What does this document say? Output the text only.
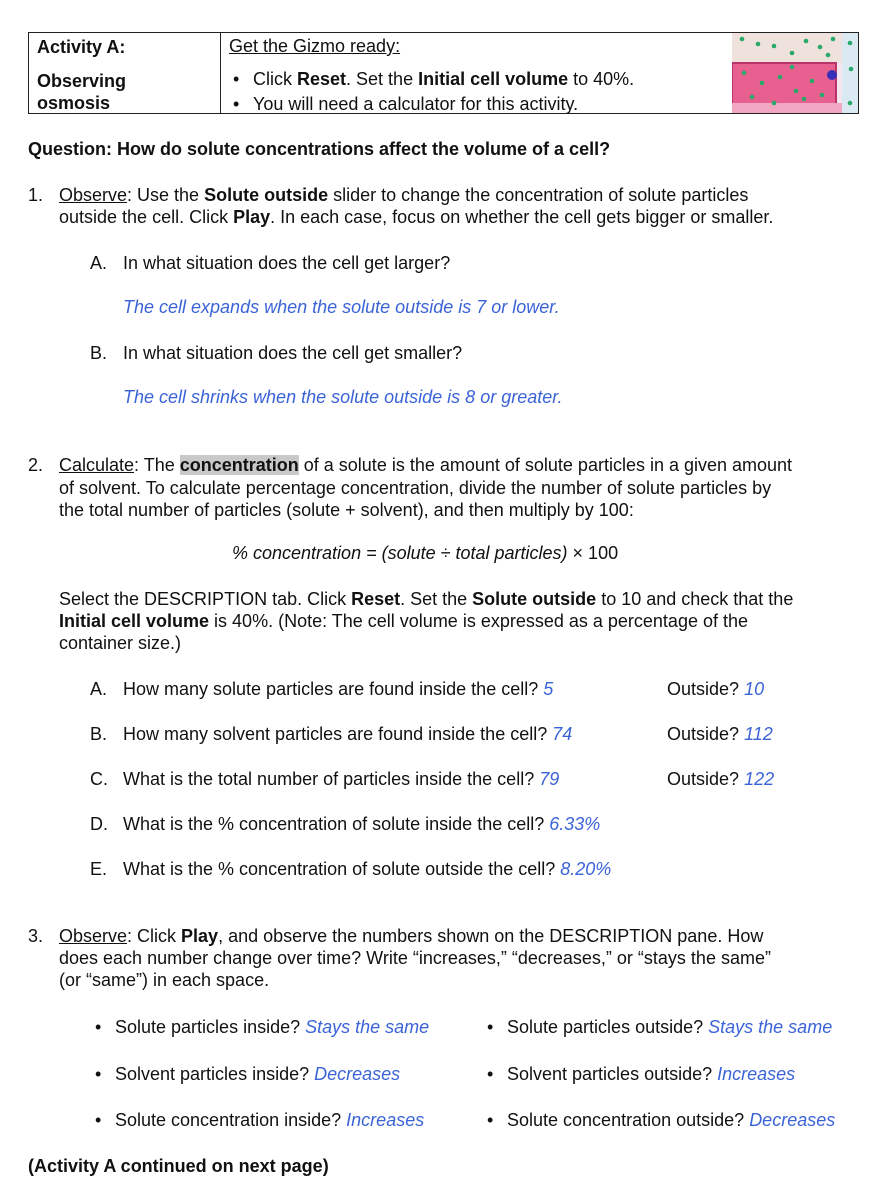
Activity A:
Observing
osmosis
Get the Gizmo ready:
• Click Reset. Set the Initial cell volume to 40%.
• You will need a calculator for this activity.
Question: How do solute concentrations affect the volume of a cell?
1. Observe: Use the Solute outside slider to change the concentration of solute particles
outside the cell. Click Play. In each case, focus on whether the cell gets bigger or smaller.
A. In what situation does the cell get larger?
The cell expands when the solute outside is 7 or lower.
B. In what situation does the cell get smaller?
The cell shrinks when the solute outside is 8 or greater.
2. Calculate: The concentration of a solute is the amount of solute particles in a given amount
of solvent. To calculate percentage concentration, divide the number of solute particles by
the total number of particles (solute + solvent), and then multiply by 100:
% concentration = (solute ÷ total particles) × 100
Select the DESCRIPTION tab. Click Reset. Set the Solute outside to 10 and check that the
Initial cell volume is 40%. (Note: The cell volume is expressed as a percentage of the
container size.)
A. How many solute particles are found inside the cell? 5	Outside? 10
B. How many solvent particles are found inside the cell? 74	Outside? 112
C. What is the total number of particles inside the cell? 79	Outside? 122
D. What is the % concentration of solute inside the cell? 6.33%
E. What is the % concentration of solute outside the cell? 8.20%
3. Observe: Click Play, and observe the numbers shown on the DESCRIPTION pane. How
does each number change over time? Write “increases,” “decreases,” or “stays the same”
(or “same”) in each space.
• Solute particles inside? Stays the same	• Solute particles outside? Stays the same
• Solvent particles inside? Decreases	• Solvent particles outside? Increases
• Solute concentration inside? Increases	• Solute concentration outside? Decreases
(Activity A continued on next page)
